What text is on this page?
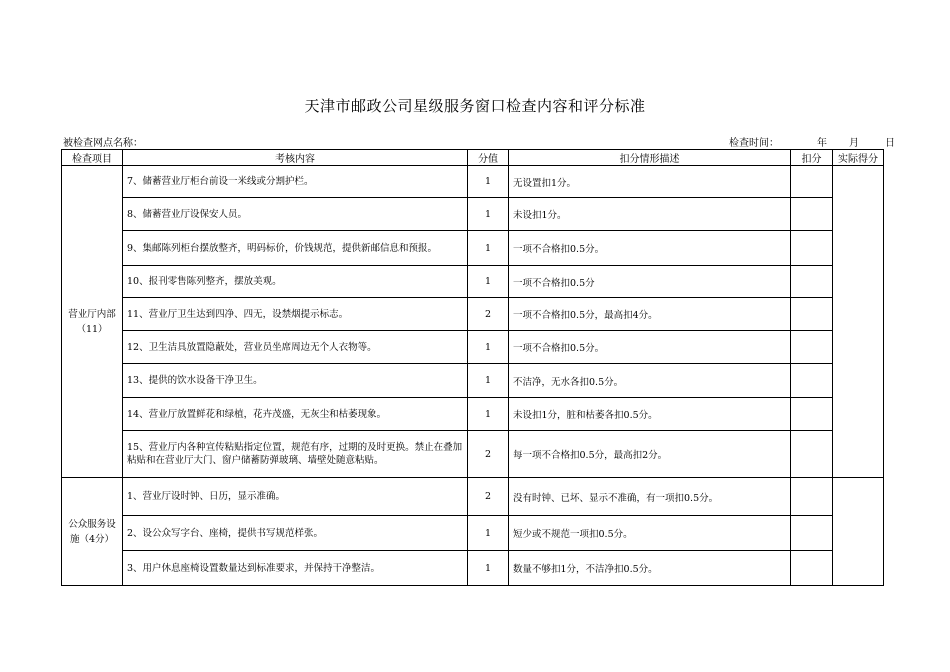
天津市邮政公司星级服务窗口检查内容和评分标准
被检查网点名称：	检查时间：	年 月	日
检查项目	考核内容	分值	扣分情形描述	扣分	实际得分
营业厅内部（11）	7、储蓄营业厅柜台前设一米线或分割护栏。	1	无设置扣1分。		
	8、储蓄营业厅设保安人员。	1	未设扣1分。		
	9、集邮陈列柜台摆放整齐，明码标价，价钱规范，提供新邮信息和预报。	1	一项不合格扣0.5分。		
	10、报刊零售陈列整齐，摆放美观。	1	一项不合格扣0.5分		
	11、营业厅卫生达到四净、四无，设禁烟提示标志。	2	一项不合格扣0.5分，最高扣4分。		
	12、卫生洁具放置隐蔽处，营业员坐席周边无个人衣物等。	1	一项不合格扣0.5分。		
	13、提供的饮水设备干净卫生。	1	不洁净，无水各扣0.5分。		
	14、营业厅放置鲜花和绿植，花卉茂盛，无灰尘和枯萎现象。	1	未设扣1分，脏和枯萎各扣0.5分。		
	15、营业厅内各种宣传粘贴指定位置，规范有序，过期的及时更换。禁止在叠加粘贴和在营业厅大门、窗户储蓄防弹玻璃、墙壁处随意粘贴。	2	每一项不合格扣0.5分，最高扣2分。		
公众服务设施（4分）	1、营业厅设时钟、日历，显示准确。	2	没有时钟、已坏、显示不准确，有一项扣0.5分。		
	2、设公众写字台、座椅，提供书写规范样张。	1	短少或不规范一项扣0.5分。		
	3、用户休息座椅设置数量达到标准要求，并保持干净整洁。	1	数量不够扣1分，不洁净扣0.5分。		
